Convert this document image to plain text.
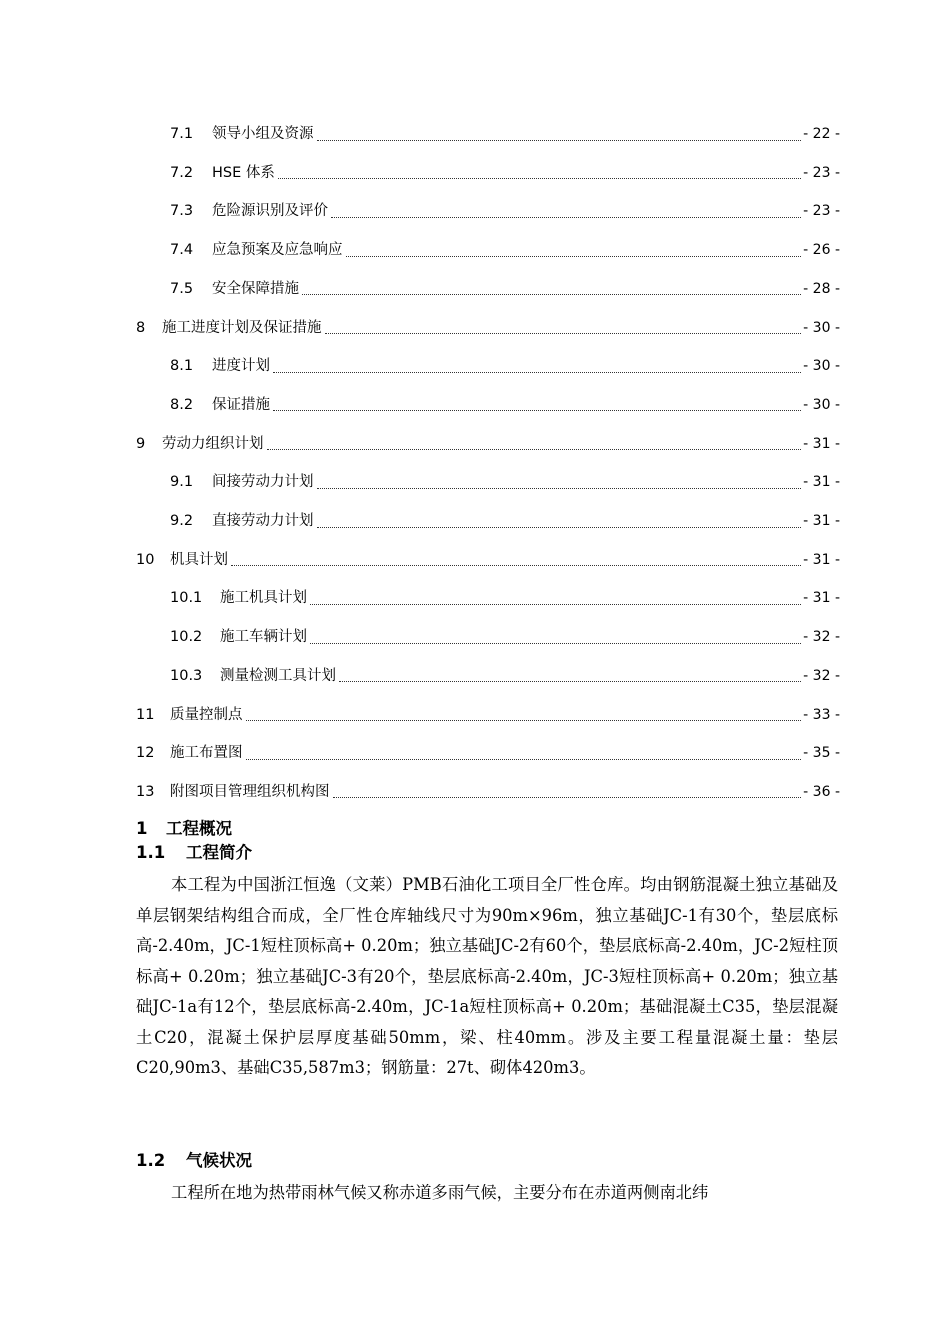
7.1	领导小组及资源	- 22 -
7.2	HSE 体系	- 23 -
7.3	危险源识别及评价	- 23 -
7.4	应急预案及应急响应	- 26 -
7.5	安全保障措施	- 28 -
8	施工进度计划及保证措施	- 30 -
8.1	进度计划	- 30 -
8.2	保证措施	- 30 -
9	劳动力组织计划	- 31 -
9.1	间接劳动力计划	- 31 -
9.2	直接劳动力计划	- 31 -
10	机具计划	- 31 -
10.1	施工机具计划	- 31 -
10.2	施工车辆计划	- 32 -
10.3	测量检测工具计划	- 32 -
11	质量控制点	- 33 -
12	施工布置图	- 35 -
13	附图项目管理组织机构图	- 36 -
1 工程概况
1.1 工程简介

本工程为中国浙江恒逸（文莱）PMB石油化工项目全厂性仓库。均由钢筋混凝土独立基础及单层钢架结构组合而成，全厂性仓库轴线尺寸为90m×96m，独立基础JC-1有30个，垫层底标高-2.40m，JC-1短柱顶标高+ 0.20m；独立基础JC-2有60个，垫层底标高-2.40m，JC-2短柱顶标高+ 0.20m；独立基础JC-3有20个，垫层底标高-2.40m，JC-3短柱顶标高+ 0.20m；独立基础JC-1a有12个，垫层底标高-2.40m，JC-1a短柱顶标高+ 0.20m；基础混凝土C35，垫层混凝土C20，混凝土保护层厚度基础50mm，梁、柱40mm。涉及主要工程量混凝土量：垫层C20,90m3、基础C35,587m3；钢筋量：27t、砌体420m3。

1.2 气候状况

工程所在地为热带雨林气候又称赤道多雨气候，主要分布在赤道两侧南北纬
